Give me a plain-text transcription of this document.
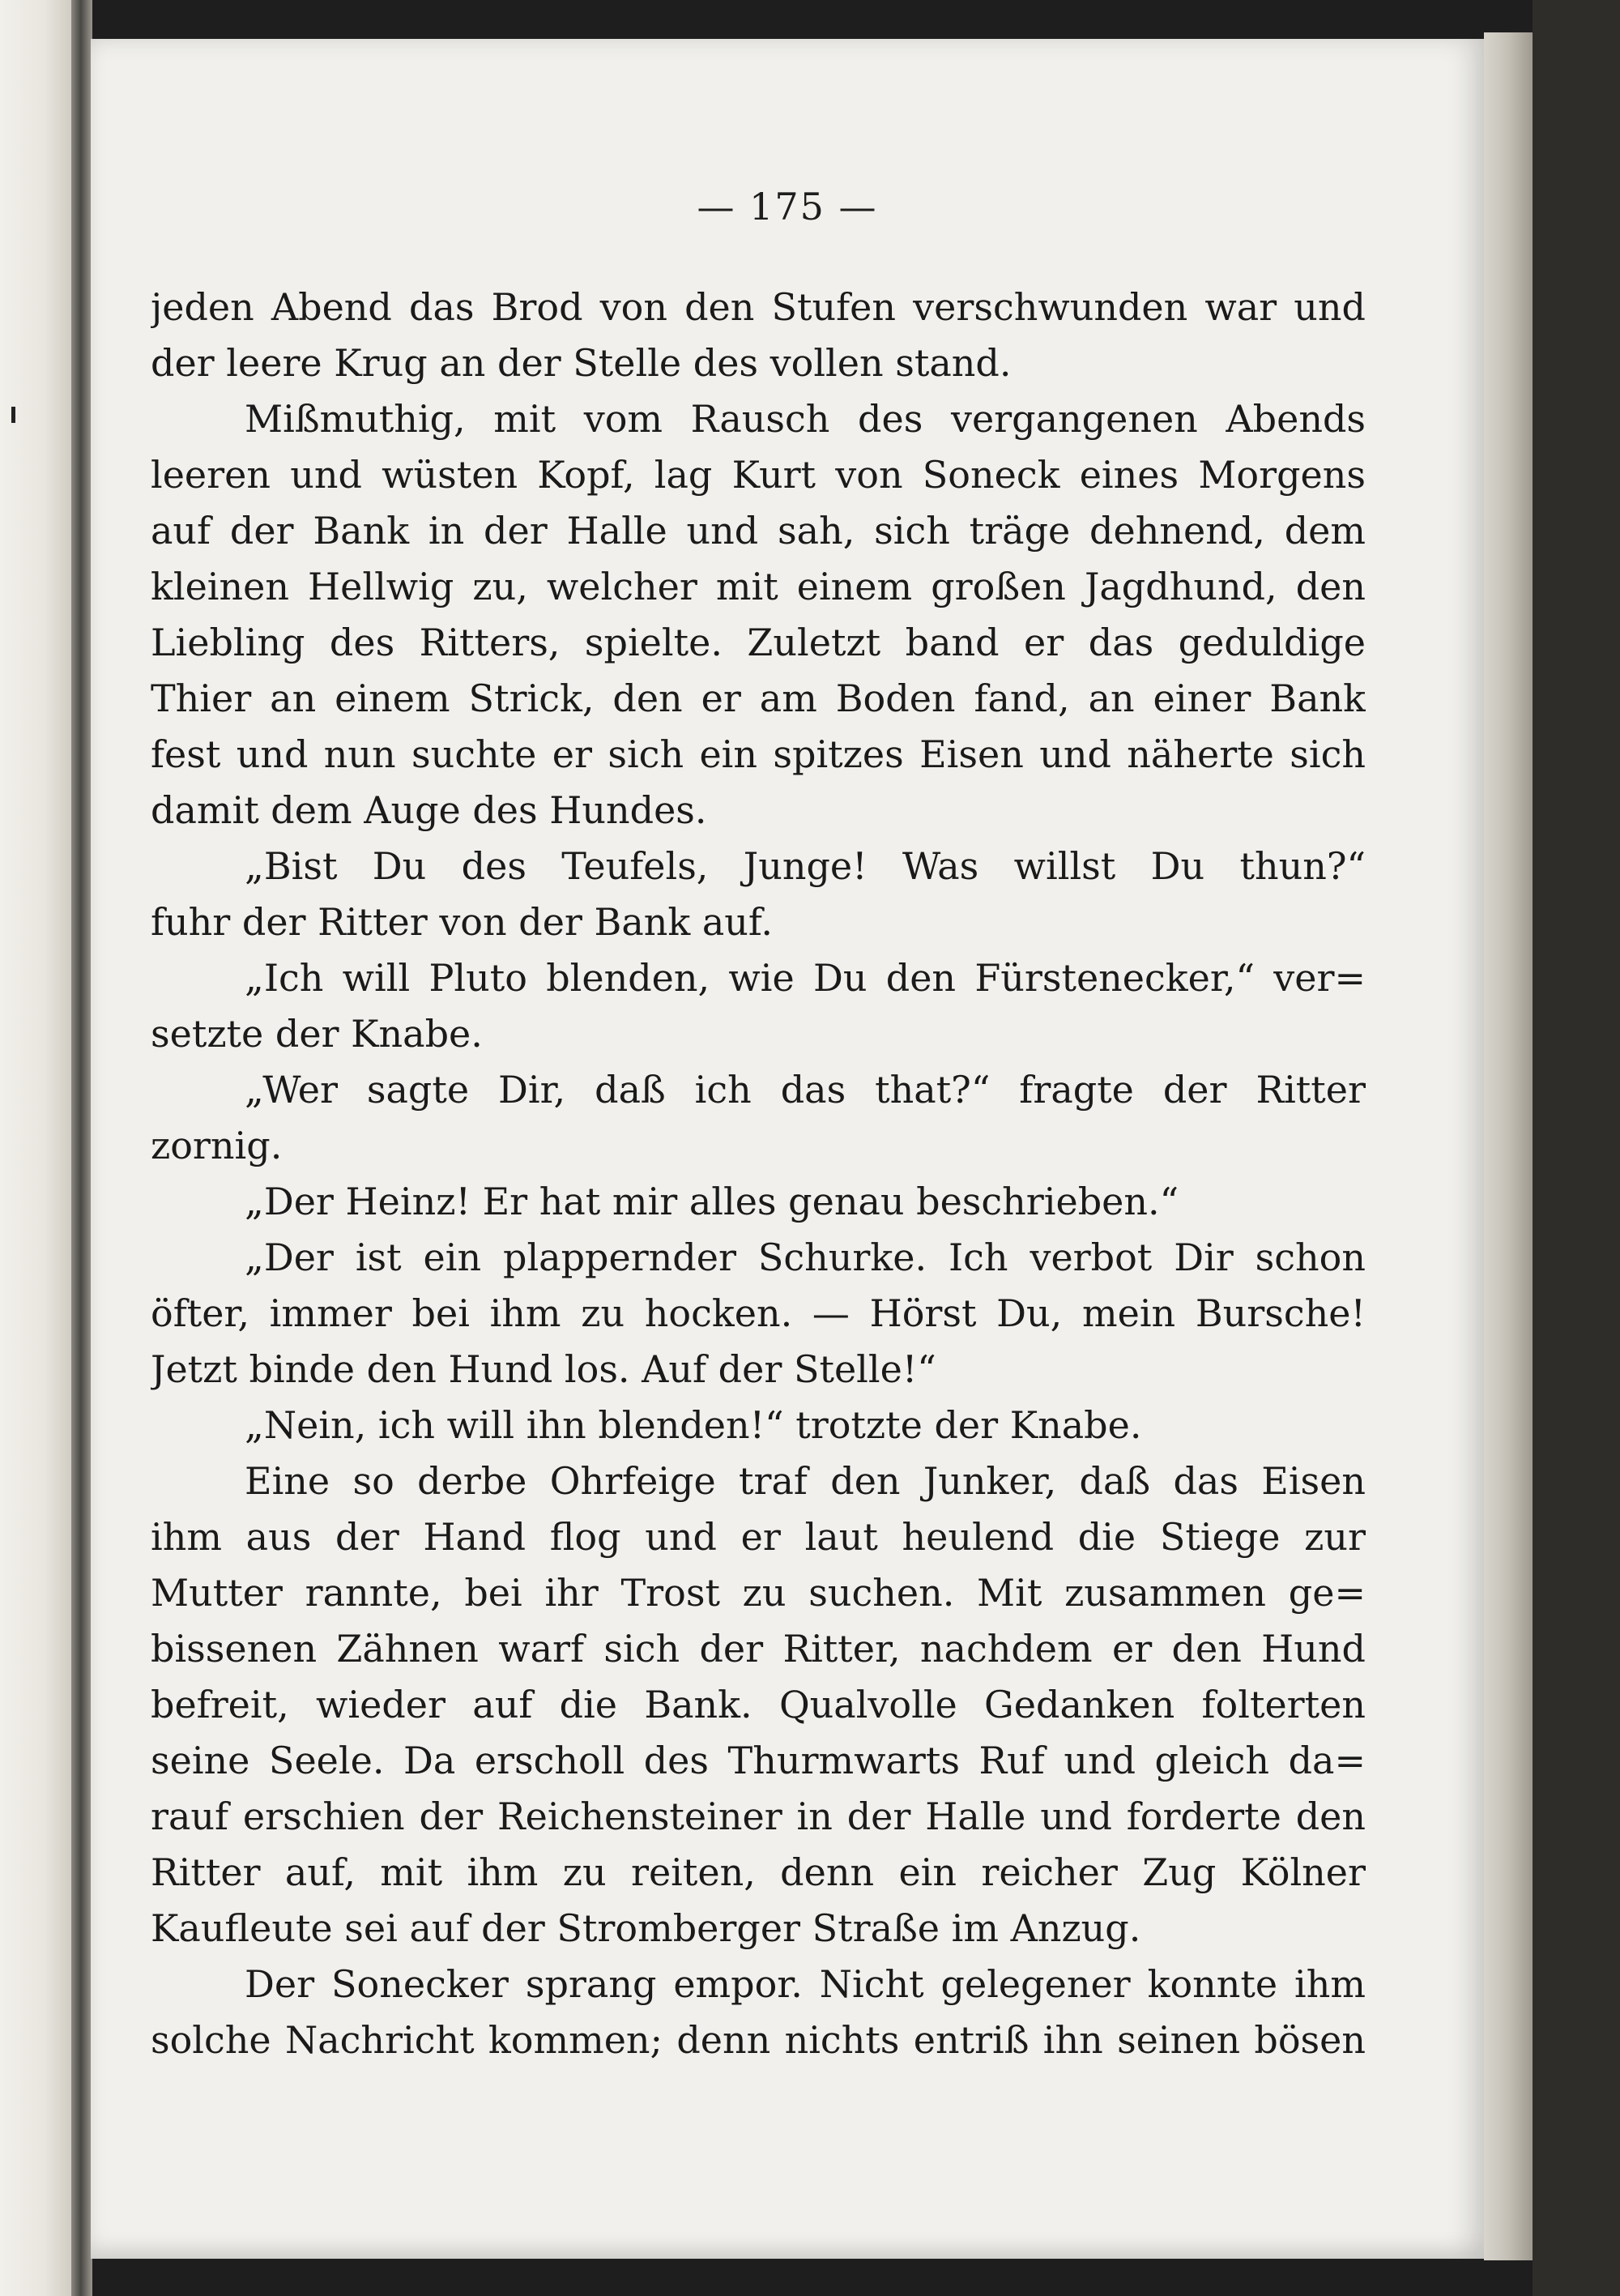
— 175 —
jeden Abend das Brod von den Stufen verschwunden war und
der leere Krug an der Stelle des vollen stand.
Mißmuthig, mit vom Rausch des vergangenen Abends
leeren und wüsten Kopf, lag Kurt von Soneck eines Morgens
auf der Bank in der Halle und sah, sich träge dehnend, dem
kleinen Hellwig zu, welcher mit einem großen Jagdhund, den
Liebling des Ritters, spielte. Zuletzt band er das geduldige
Thier an einem Strick, den er am Boden fand, an einer Bank
fest und nun suchte er sich ein spitzes Eisen und näherte sich
damit dem Auge des Hundes.
„Bist Du des Teufels, Junge! Was willst Du thun?“
fuhr der Ritter von der Bank auf.
„Ich will Pluto blenden, wie Du den Fürstenecker,“ ver=
setzte der Knabe.
„Wer sagte Dir, daß ich das that?“ fragte der Ritter
zornig.
„Der Heinz! Er hat mir alles genau beschrieben.“
„Der ist ein plappernder Schurke. Ich verbot Dir schon
öfter, immer bei ihm zu hocken. — Hörst Du, mein Bursche!
Jetzt binde den Hund los. Auf der Stelle!“
„Nein, ich will ihn blenden!“ trotzte der Knabe.
Eine so derbe Ohrfeige traf den Junker, daß das Eisen
ihm aus der Hand flog und er laut heulend die Stiege zur
Mutter rannte, bei ihr Trost zu suchen. Mit zusammen ge=
bissenen Zähnen warf sich der Ritter, nachdem er den Hund
befreit, wieder auf die Bank. Qualvolle Gedanken folterten
seine Seele. Da erscholl des Thurmwarts Ruf und gleich da=
rauf erschien der Reichensteiner in der Halle und forderte den
Ritter auf, mit ihm zu reiten, denn ein reicher Zug Kölner
Kaufleute sei auf der Stromberger Straße im Anzug.
Der Sonecker sprang empor. Nicht gelegener konnte ihm
solche Nachricht kommen; denn nichts entriß ihn seinen bösen
